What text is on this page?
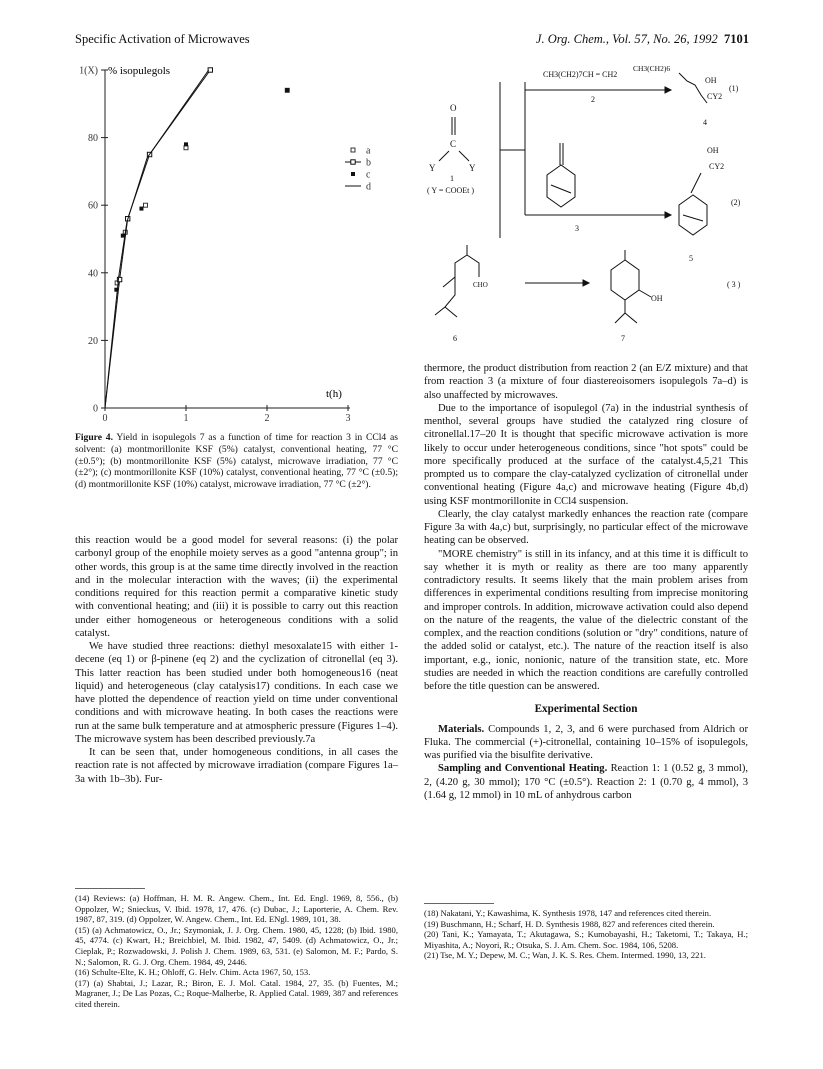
Specific Activation of Microwaves	J. Org. Chem., Vol. 57, No. 26, 1992 7101
0
20
40
60
80
1(X)
0	1	2	3
a
b
c
d
% isopulegols
t(h)
O
C
Y	Y
1
( Y = COOEt )
CH3(CH2)7CH = CH2
2
3
CH3(CH2)6
OH
CY2
(1)
4
OH
CY2
(2)
5
CHO
6
OH
7
( 3 )
Figure 4. Yield in isopulegols 7 as a function of time for reaction 3 in CCl4 as solvent: (a) montmorillonite KSF (5%) catalyst, conventional heating, 77 °C (±0.5°); (b) montmorillonite KSF (5%) catalyst, microwave irradiation, 77 °C (±2°); (c) montmorillonite KSF (10%) catalyst, conventional heating, 77 °C (±0.5); (d) montmorillonite KSF (10%) catalyst, microwave irradiation, 77 °C (±2°).

this reaction would be a good model for several reasons: (i) the polar carbonyl group of the enophile moiety serves as a good "antenna group"; in other words, this group is at the same time directly involved in the reaction and in the molecular interaction with the waves; (ii) the experimental conditions required for this reaction permit a comparative kinetic study with conventional heating; and (iii) it is possible to carry out this reaction under either homogeneous or heterogeneous conditions with a solid catalyst.

We have studied three reactions: diethyl mesoxalate15 with either 1-decene (eq 1) or β-pinene (eq 2) and the cyclization of citronellal (eq 3). This latter reaction has been studied under both homogeneous16 (neat liquid) and heterogeneous (clay catalysis17) conditions. In each case we have plotted the dependence of reaction yield on time under conventional conditions and with microwave heating. In both cases the reactions were run at the same bulk temperature and at atmospheric pressure (Figures 1–4). The microwave system has been described previously.7a

It can be seen that, under homogeneous conditions, in all cases the reaction rate is not affected by microwave irradiation (compare Figures 1a–3a with 1b–3b). Fur-

thermore, the product distribution from reaction 2 (an E/Z mixture) and that from reaction 3 (a mixture of four diastereoisomers isopulegols 7a–d) is also unaffected by microwaves.

Due to the importance of isopulegol (7a) in the industrial synthesis of menthol, several groups have studied the catalyzed ring closure of citronellal.17–20 It is thought that specific microwave activation is more likely to occur under heterogeneous conditions, since "hot spots" could be more specifically produced at the surface of the catalyst.4,5,21 This prompted us to compare the clay-catalyzed cyclization of citronellal under conventional heating (Figure 4a,c) and microwave heating (Figure 4b,d) using KSF montmorillonite in CCl4 suspension.

Clearly, the clay catalyst markedly enhances the reaction rate (compare Figure 3a with 4a,c) but, surprisingly, no particular effect of the microwave heating can be observed.

"MORE chemistry" is still in its infancy, and at this time it is difficult to say whether it is myth or reality as there are too many apparently contradictory results. It seems likely that the main problem arises from differences in experimental conditions resulting from imprecise monitoring and improper controls. In addition, microwave activation could also depend on the nature of the reagents, the value of the dielectric constant of the complex, and the reaction conditions (solution or "dry" conditions, nature of the added solid or catalyst, etc.). The nature of the reaction itself is also important, e.g., ionic, nonionic, nature of the transition state, etc. More studies are needed in which the reaction conditions are carefully controlled before the title question can be answered.

Experimental Section

Materials. Compounds 1, 2, 3, and 6 were purchased from Aldrich or Fluka. The commercial (+)-citronellal, containing 10–15% of isopulegols, was purified via the bisulfite derivative.

Sampling and Conventional Heating. Reaction 1: 1 (0.52 g, 3 mmol), 2, (4.20 g, 30 mmol); 170 °C (±0.5°). Reaction 2: 1 (0.70 g, 4 mmol), 3 (1.64 g, 12 mmol) in 10 mL of anhydrous carbon

(14) Reviews: (a) Hoffman, H. M. R. Angew. Chem., Int. Ed. Engl. 1969, 8, 556., (b) Oppolzer, W.; Snieckus, V. Ibid. 1978, 17, 476. (c) Dubac, J.; Laporterie, A. Chem. Rev. 1987, 87, 319. (d) Oppolzer, W. Angew. Chem., Int. Ed. ENgl. 1989, 101, 38.
(15) (a) Achmatowicz, O., Jr.; Szymoniak, J. J. Org. Chem. 1980, 45, 1228; (b) Ibid. 1980, 45, 4774. (c) Kwart, H.; Breichbiel, M. Ibid. 1982, 47, 5409. (d) Achmatowicz, O., Jr.; Cieplak, P.; Rozwadowski, J. Polish J. Chem. 1989, 63, 531. (e) Salomon, M. F.; Pardo, S. N.; Salomon, R. G. J. Org. Chem. 1984, 49, 2446.
(16) Schulte-Elte, K. H.; Ohloff, G. Helv. Chim. Acta 1967, 50, 153.
(17) (a) Shabtai, J.; Lazar, R.; Biron, E. J. Mol. Catal. 1984, 27, 35. (b) Fuentes, M.; Magraner, J.; De Las Pozas, C.; Roque-Malherbe, R. Applied Catal. 1989, 387 and references cited therein.
(18) Nakatani, Y.; Kawashima, K. Synthesis 1978, 147 and references cited therein.
(19) Buschmann, H.; Scharf, H. D. Synthesis 1988, 827 and references cited therein.
(20) Tani, K.; Yamayata, T.; Akutagawa, S.; Kumobayashi, H.; Taketomi, T.; Takaya, H.; Miyashita, A.; Noyori, R.; Otsuka, S. J. Am. Chem. Soc. 1984, 106, 5208.
(21) Tse, M. Y.; Depew, M. C.; Wan, J. K. S. Res. Chem. Intermed. 1990, 13, 221.
